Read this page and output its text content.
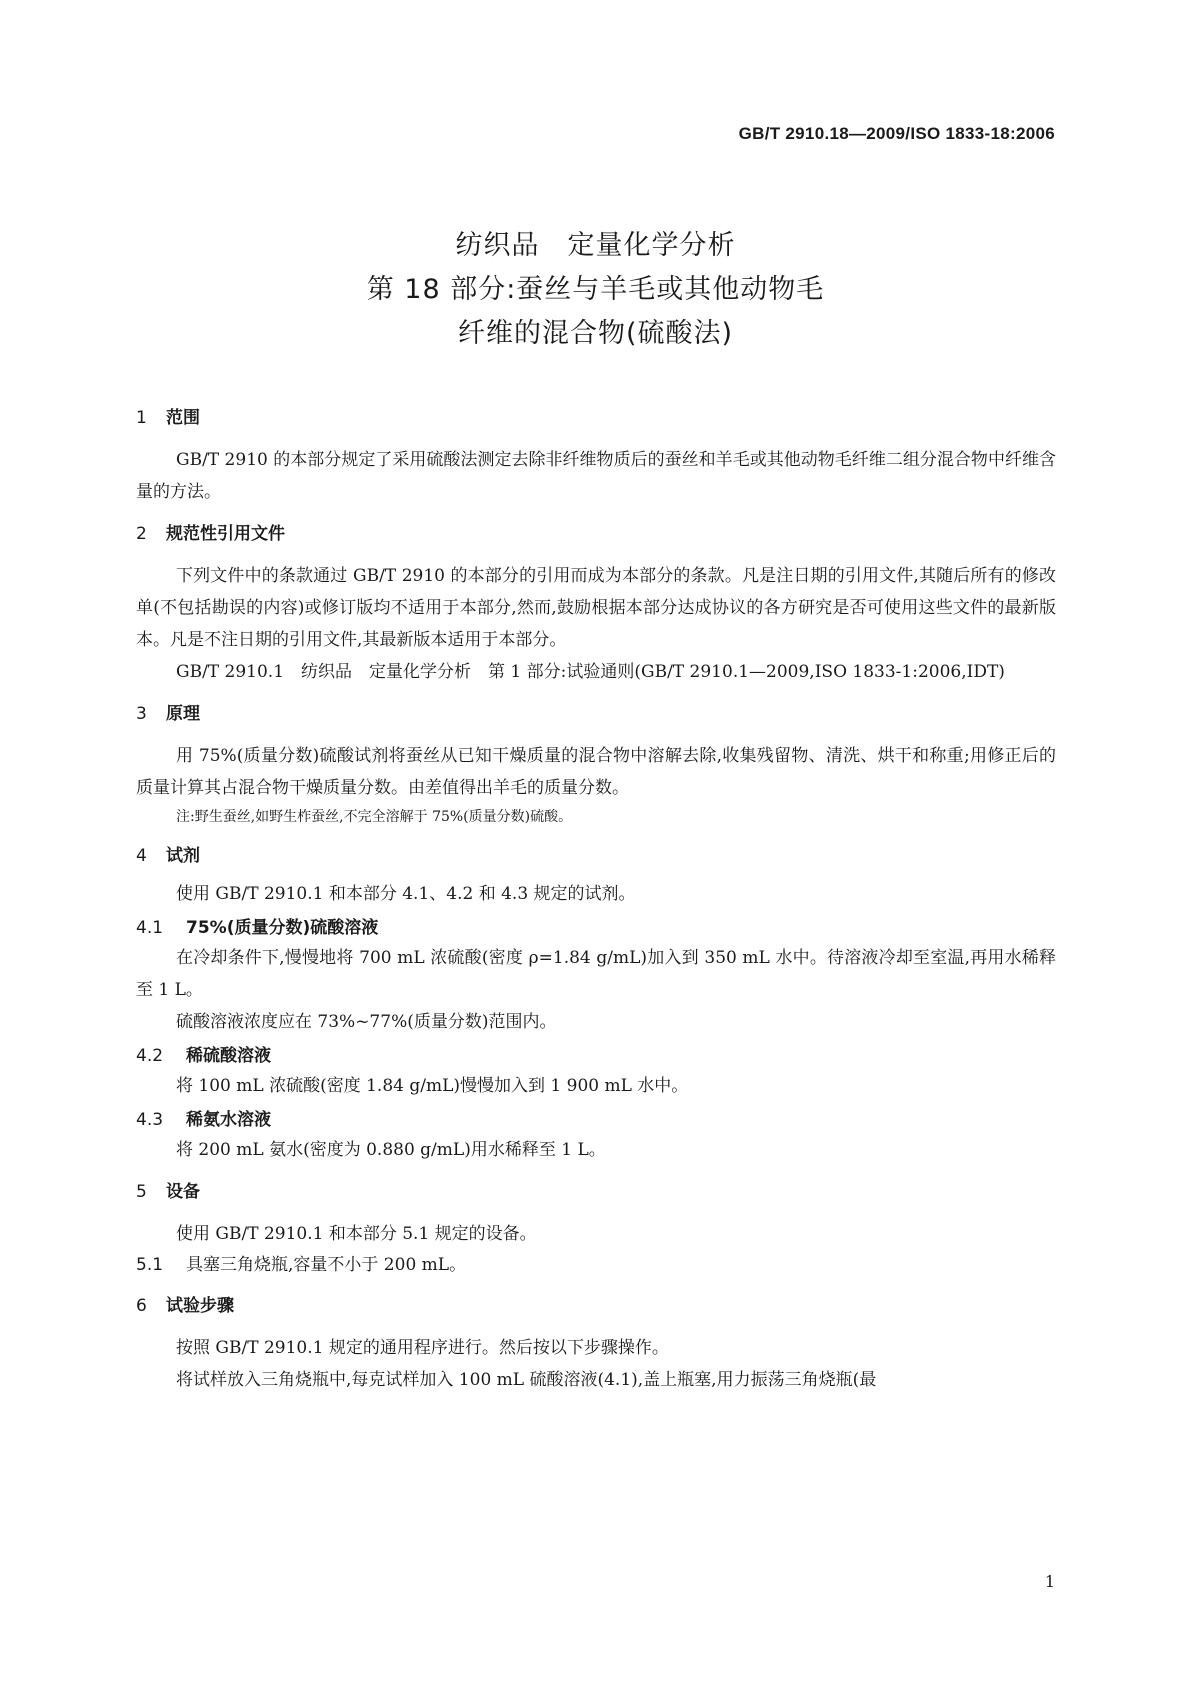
GB/T 2910.18—2009/ISO 1833-18:2006
纺织品　定量化学分析
第 18 部分:蚕丝与羊毛或其他动物毛
纤维的混合物(硫酸法)
1 范围

GB/T 2910 的本部分规定了采用硫酸法测定去除非纤维物质后的蚕丝和羊毛或其他动物毛纤维二组分混合物中纤维含量的方法。

2 规范性引用文件

下列文件中的条款通过 GB/T 2910 的本部分的引用而成为本部分的条款。凡是注日期的引用文件,其随后所有的修改单(不包括勘误的内容)或修订版均不适用于本部分,然而,鼓励根据本部分达成协议的各方研究是否可使用这些文件的最新版本。凡是不注日期的引用文件,其最新版本适用于本部分。

GB/T 2910.1　纺织品　定量化学分析　第 1 部分:试验通则(GB/T 2910.1—2009,ISO 1833-1:2006,IDT)

3 原理

用 75%(质量分数)硫酸试剂将蚕丝从已知干燥质量的混合物中溶解去除,收集残留物、清洗、烘干和称重;用修正后的质量计算其占混合物干燥质量分数。由差值得出羊毛的质量分数。

注:野生蚕丝,如野生柞蚕丝,不完全溶解于 75%(质量分数)硫酸。

4 试剂

使用 GB/T 2910.1 和本部分 4.1、4.2 和 4.3 规定的试剂。

4.1 75%(质量分数)硫酸溶液

在冷却条件下,慢慢地将 700 mL 浓硫酸(密度 ρ=1.84 g/mL)加入到 350 mL 水中。待溶液冷却至室温,再用水稀释至 1 L。

硫酸溶液浓度应在 73%~77%(质量分数)范围内。

4.2 稀硫酸溶液

将 100 mL 浓硫酸(密度 1.84 g/mL)慢慢加入到 1 900 mL 水中。

4.3 稀氨水溶液

将 200 mL 氨水(密度为 0.880 g/mL)用水稀释至 1 L。

5 设备

使用 GB/T 2910.1 和本部分 5.1 规定的设备。

5.1 具塞三角烧瓶,容量不小于 200 mL。

6 试验步骤

按照 GB/T 2910.1 规定的通用程序进行。然后按以下步骤操作。

将试样放入三角烧瓶中,每克试样加入 100 mL 硫酸溶液(4.1),盖上瓶塞,用力振荡三角烧瓶(最

1
